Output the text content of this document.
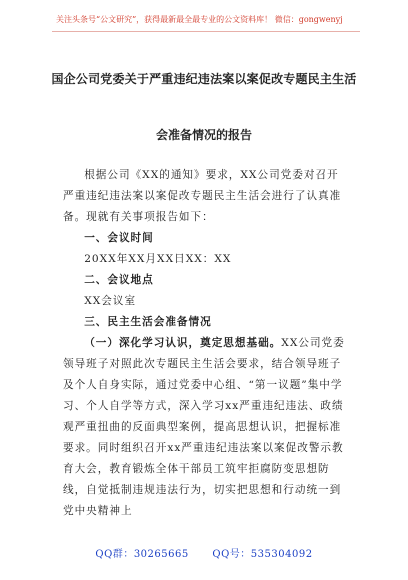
关注头条号“公文研究”，获得最新最全最专业的公文资料库！ 微信：gongwenyj
国企公司党委关于严重违纪违法案以案促改专题民主生活
会准备情况的报告

根据公司《XX的通知》要求，XX公司党委对召开严重违纪违法案以案促改专题民主生活会进行了认真准备。现就有关事项报告如下：

一、会议时间

20XX年XX月XX日XX：XX

二、会议地点

XX会议室

三、民主生活会准备情况

（一）深化学习认识，奠定思想基础。XX公司党委领导班子对照此次专题民主生活会要求，结合领导班子及个人自身实际，通过党委中心组、“第一议题”集中学习、个人自学等方式，深入学习xx严重违纪违法、政绩观严重扭曲的反面典型案例，提高思想认识，把握标准要求。同时组织召开xx严重违纪违法案以案促改警示教育大会，教育锻炼全体干部员工筑牢拒腐防变思想防线，自觉抵制违规违法行为，切实把思想和行动统一到党中央精神上

QQ群：30265665 QQ号：535304092
